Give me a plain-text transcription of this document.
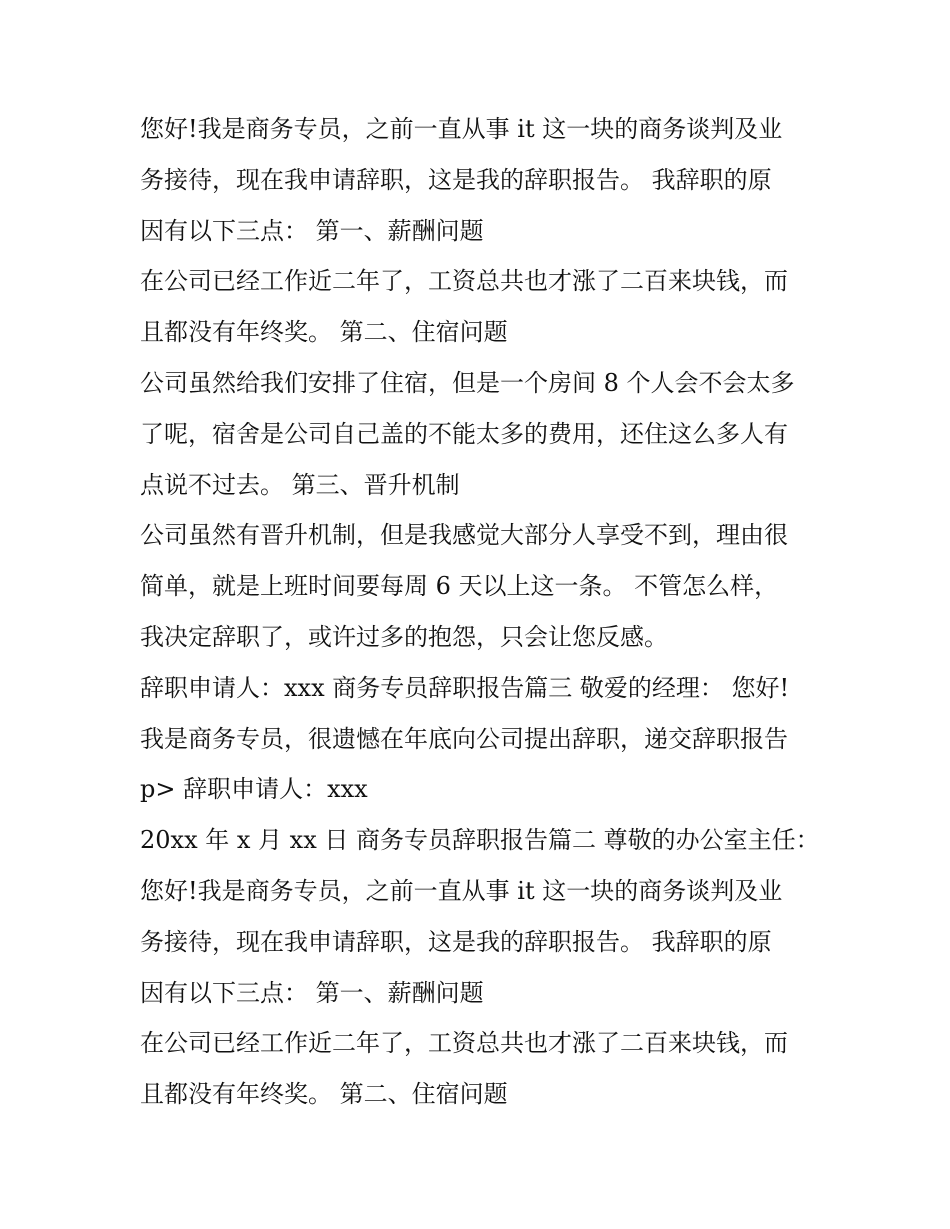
您好!我是商务专员，之前一直从事 it 这一块的商务谈判及业
务接待，现在我申请辞职，这是我的辞职报告。 我辞职的原
因有以下三点： 第一、薪酬问题
在公司已经工作近二年了，工资总共也才涨了二百来块钱，而
且都没有年终奖。 第二、住宿问题
公司虽然给我们安排了住宿，但是一个房间 8 个人会不会太多
了呢，宿舍是公司自己盖的不能太多的费用，还住这么多人有
点说不过去。 第三、晋升机制
公司虽然有晋升机制，但是我感觉大部分人享受不到，理由很
简单，就是上班时间要每周 6 天以上这一条。 不管怎么样，
我决定辞职了，或许过多的抱怨，只会让您反感。
辞职申请人：xxx 商务专员辞职报告篇三 敬爱的经理： 您好!
我是商务专员，很遗憾在年底向公司提出辞职，递交辞职报告
p> 辞职申请人：xxx
20xx 年 x 月 xx 日 商务专员辞职报告篇二 尊敬的办公室主任：
您好!我是商务专员，之前一直从事 it 这一块的商务谈判及业
务接待，现在我申请辞职，这是我的辞职报告。 我辞职的原
因有以下三点： 第一、薪酬问题
在公司已经工作近二年了，工资总共也才涨了二百来块钱，而
且都没有年终奖。 第二、住宿问题
